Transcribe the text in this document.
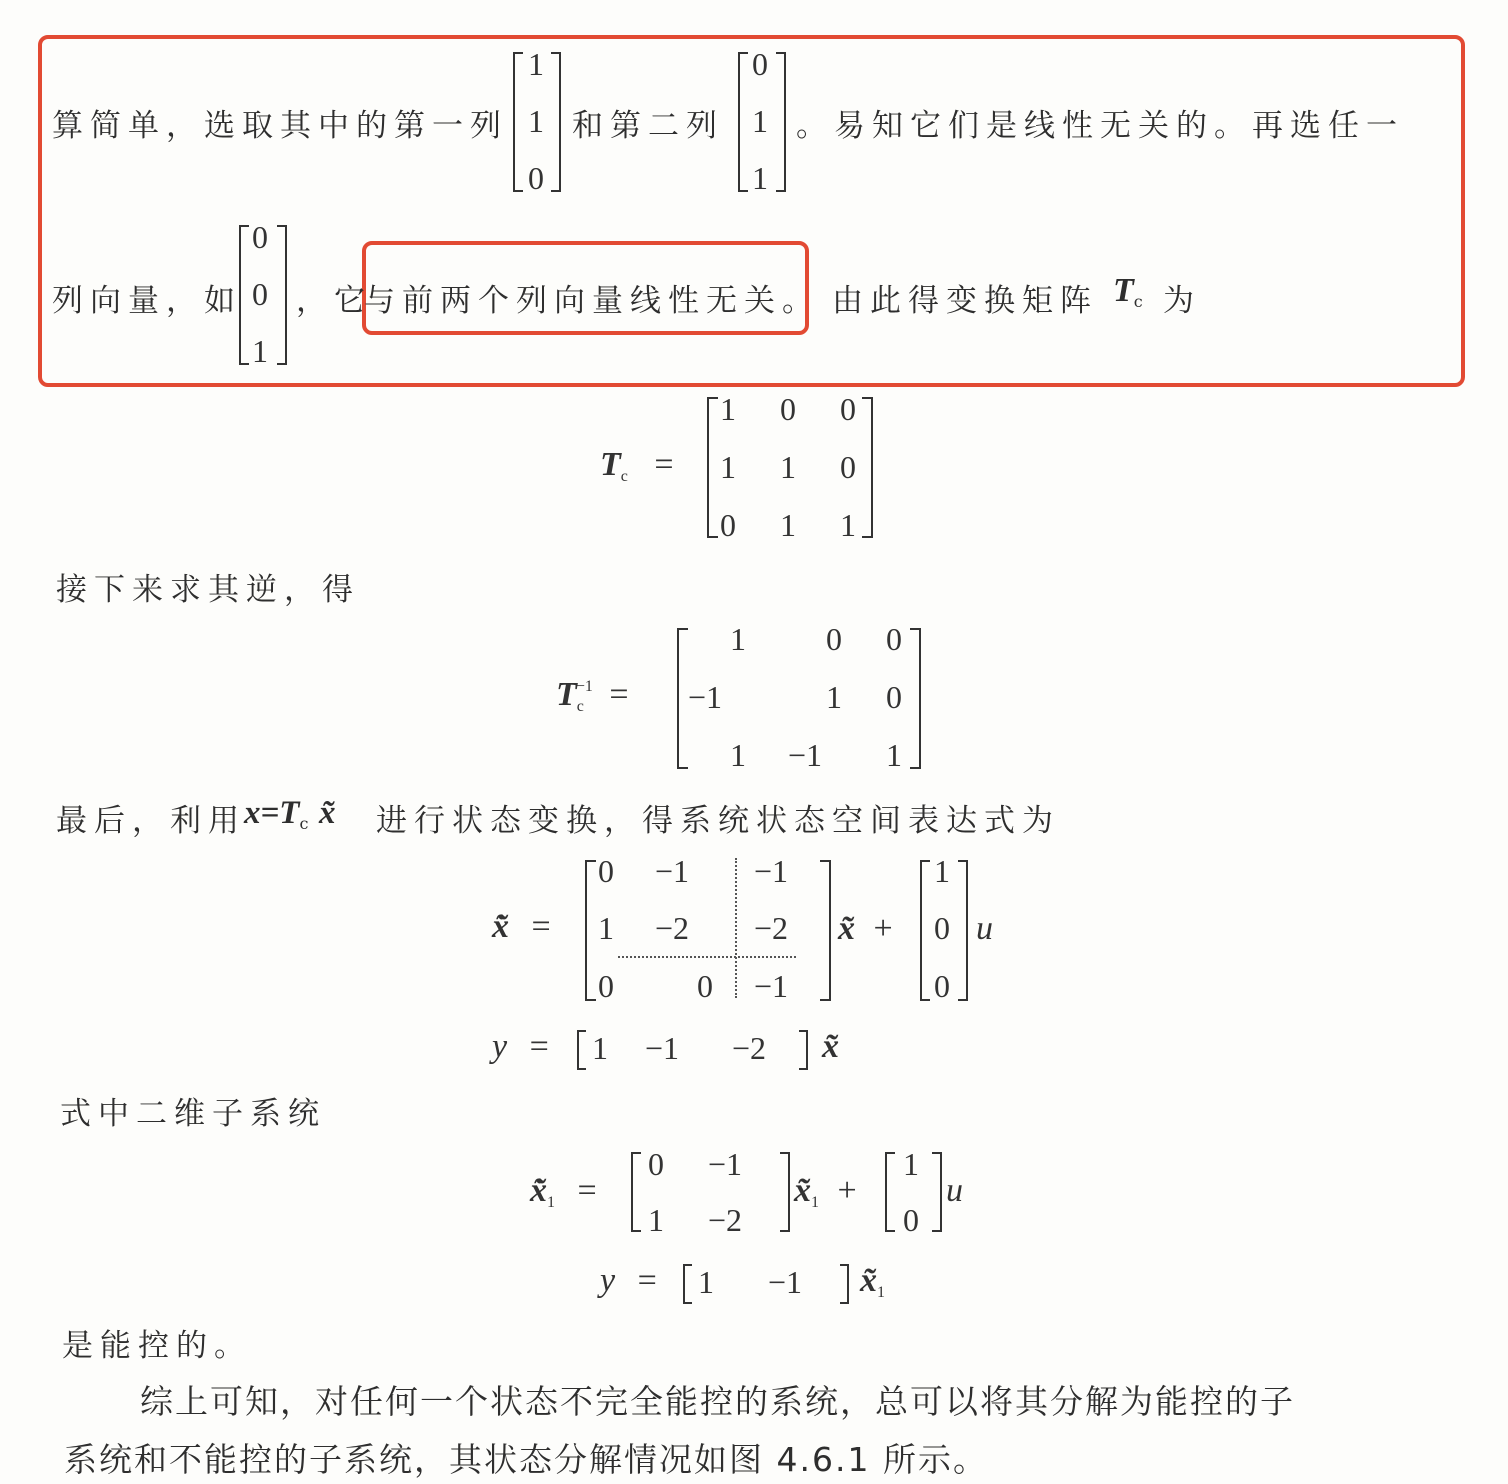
算简单，选取其中的第一列
1
1
0
和第二列
0
1
1
。易知它们是线性无关的。再选任一
列向量，如
0
0
1
，它
与前两个列向量线性无关。 由此得变换矩阵 $T_c$ 为
$T_c$ =
1 0 0
1 1 0
0 1 1
接下来求其逆，得
$T_c^{-1}$ =
1	0 0
−1	1 0
1 −1 1
最后，利用
$x=T_c$ x̃ 进行状态变换，得系统状态空间表达式为
x̃̇ =
0 −1 −1
1 −2 −2
0	0 −1
x̃ +
1
0
0
u
y = 1 −1 −2 x̃
式中二维子系统
$x̃̇_1$ =
0 −1
1 −2
$x̃_1$ +
1
0
u
y = 1 −1 $x̃_1$
是能控的。
综上可知，对任何一个状态不完全能控的系统，总可以将其分解为能控的子
系统和不能控的子系统，其状态分解情况如图 4.6.1 所示。
